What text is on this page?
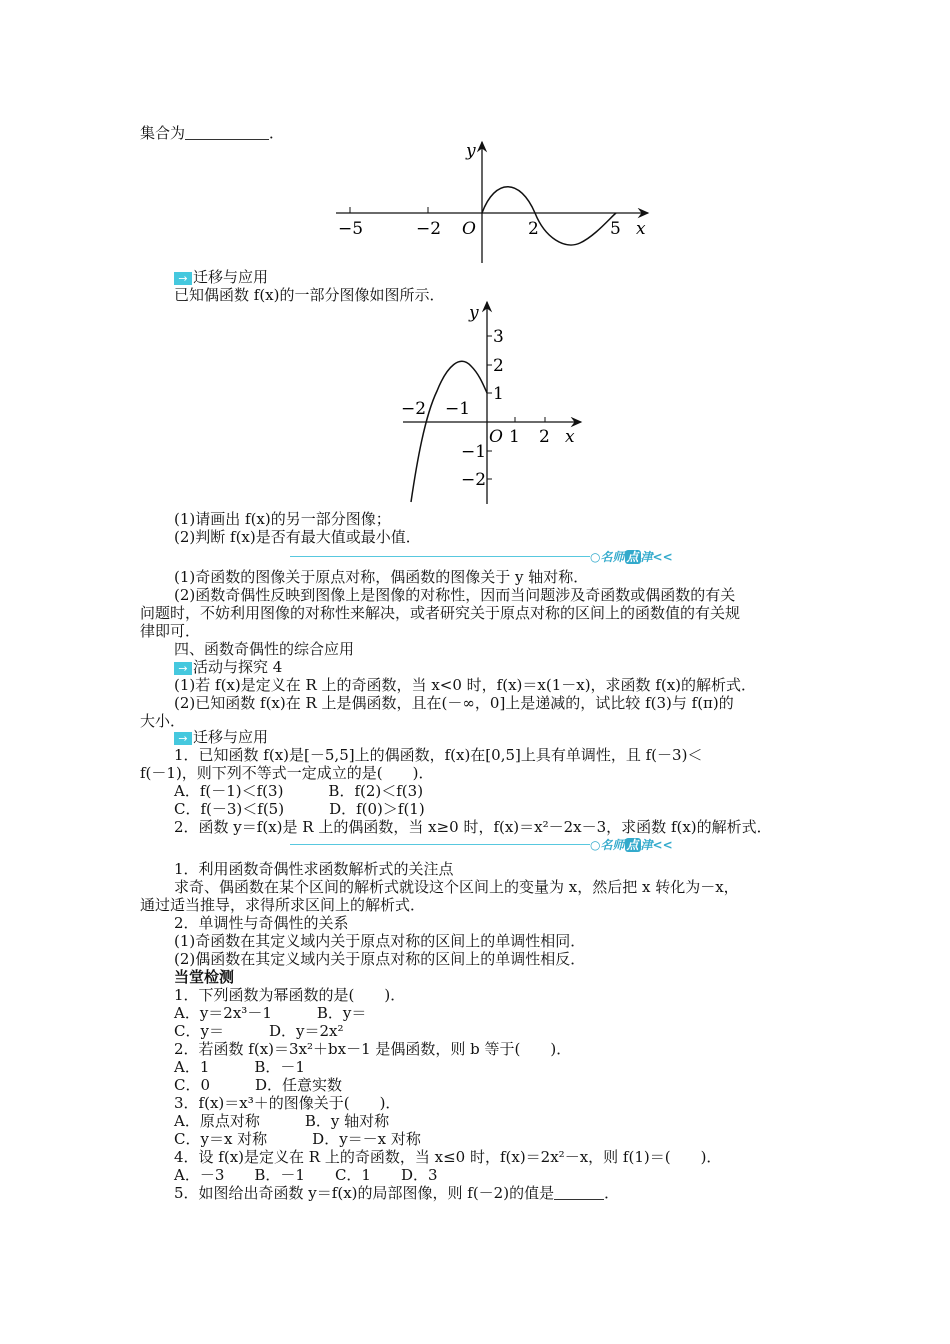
集合为	．
y
x
O
−5	−2	2	5
→ 迁移与应用
已知偶函数 f(x)的一部分图像如图所示．
y
x
O
3
2
1
−1
−2
−2 −1
1 2
(1)请画出 f(x)的另一部分图像；
(2)判断 f(x)是否有最大值或最小值．
○名师 点 津<<
(1)奇函数的图像关于原点对称，偶函数的图像关于 y 轴对称．
(2)函数奇偶性反映到图像上是图像的对称性，因而当问题涉及奇函数或偶函数的有关
问题时，不妨利用图像的对称性来解决，或者研究关于原点对称的区间上的函数值的有关规
律即可．
四、函数奇偶性的综合应用
→ 活动与探究 4
(1)若 f(x)是定义在 R 上的奇函数，当 x<0 时，f(x)＝x(1－x)，求函数 f(x)的解析式．
(2)已知函数 f(x)在 R 上是偶函数，且在(－∞，0]上是递减的，试比较 f(3)与 f(π)的
大小．
→ 迁移与应用
1．已知函数 f(x)是[－5,5]上的偶函数，f(x)在[0,5]上具有单调性，且 f(－3)＜
f(－1)，则下列不等式一定成立的是(　　)．
A．f(－1)＜f(3)　　　B．f(2)＜f(3)
C．f(－3)＜f(5)　　　D．f(0)＞f(1)
2．函数 y＝f(x)是 R 上的偶函数，当 x≥0 时，f(x)＝x²－2x－3，求函数 f(x)的解析式．
○名师 点 津<<
1．利用函数奇偶性求函数解析式的关注点
求奇、偶函数在某个区间的解析式就设这个区间上的变量为 x，然后把 x 转化为－x，
通过适当推导，求得所求区间上的解析式．
2．单调性与奇偶性的关系
(1)奇函数在其定义域内关于原点对称的区间上的单调性相同．
(2)偶函数在其定义域内关于原点对称的区间上的单调性相反．
当堂检测
1．下列函数为幂函数的是(　　)．
A．y＝2x³－1　　　B．y＝
C．y＝　　　D．y＝2x²
2．若函数 f(x)＝3x²＋bx－1 是偶函数，则 b 等于(　　)．
A．1　　　B．－1
C．0　　　D．任意实数
3．f(x)＝x³＋的图像关于(　　)．
A．原点对称　　　B．y 轴对称
C．y＝x 对称　　　D．y＝－x 对称
4．设 f(x)是定义在 R 上的奇函数，当 x≤0 时，f(x)＝2x²－x，则 f(1)＝(　　)．
A．－3　　B．－1　　C．1　　D．3
5．如图给出奇函数 y＝f(x)的局部图像，则 f(－2)的值是	．
